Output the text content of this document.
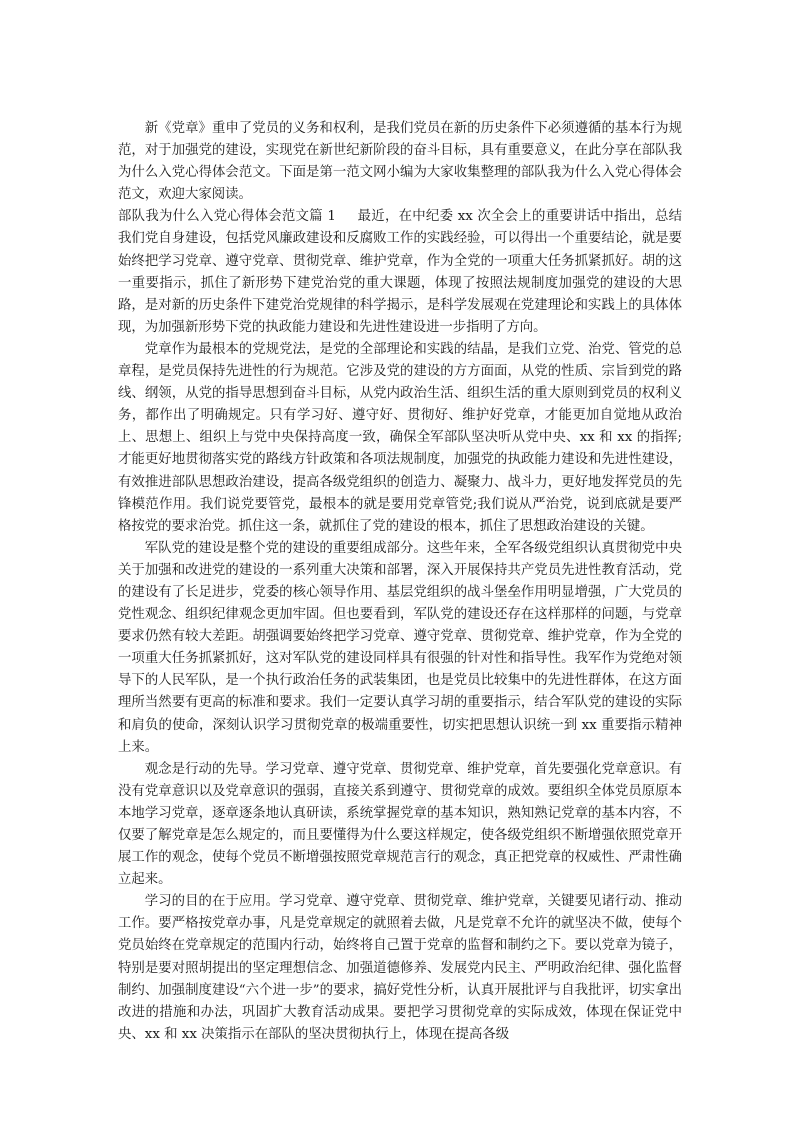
新《党章》重申了党员的义务和权利，是我们党员在新的历史条件下必须遵循的基本行为规范，对于加强党的建设，实现党在新世纪新阶段的奋斗目标，具有重要意义，在此分享在部队我为什么入党心得体会范文。下面是第一范文网小编为大家收集整理的部队我为什么入党心得体会范文，欢迎大家阅读。

部队我为什么入党心得体会范文篇 1 最近，在中纪委 xx 次全会上的重要讲话中指出，总结我们党自身建设，包括党风廉政建设和反腐败工作的实践经验，可以得出一个重要结论，就是要始终把学习党章、遵守党章、贯彻党章、维护党章，作为全党的一项重大任务抓紧抓好。胡的这一重要指示，抓住了新形势下建党治党的重大课题，体现了按照法规制度加强党的建设的大思路，是对新的历史条件下建党治党规律的科学揭示，是科学发展观在党建理论和实践上的具体体现，为加强新形势下党的执政能力建设和先进性建设进一步指明了方向。

党章作为最根本的党规党法，是党的全部理论和实践的结晶，是我们立党、治党、管党的总章程，是党员保持先进性的行为规范。它涉及党的建设的方方面面，从党的性质、宗旨到党的路线、纲领，从党的指导思想到奋斗目标，从党内政治生活、组织生活的重大原则到党员的权利义务，都作出了明确规定。只有学习好、遵守好、贯彻好、维护好党章，才能更加自觉地从政治上、思想上、组织上与党中央保持高度一致，确保全军部队坚决听从党中央、xx 和 xx 的指挥;才能更好地贯彻落实党的路线方针政策和各项法规制度，加强党的执政能力建设和先进性建设，有效推进部队思想政治建设，提高各级党组织的创造力、凝聚力、战斗力，更好地发挥党员的先锋模范作用。我们说党要管党，最根本的就是要用党章管党;我们说从严治党，说到底就是要严格按党的要求治党。抓住这一条，就抓住了党的建设的根本，抓住了思想政治建设的关键。

军队党的建设是整个党的建设的重要组成部分。这些年来，全军各级党组织认真贯彻党中央关于加强和改进党的建设的一系列重大决策和部署，深入开展保持共产党员先进性教育活动，党的建设有了长足进步，党委的核心领导作用、基层党组织的战斗堡垒作用明显增强，广大党员的党性观念、组织纪律观念更加牢固。但也要看到，军队党的建设还存在这样那样的问题，与党章要求仍然有较大差距。胡强调要始终把学习党章、遵守党章、贯彻党章、维护党章，作为全党的一项重大任务抓紧抓好，这对军队党的建设同样具有很强的针对性和指导性。我军作为党绝对领导下的人民军队，是一个执行政治任务的武装集团，也是党员比较集中的先进性群体，在这方面理所当然要有更高的标准和要求。我们一定要认真学习胡的重要指示，结合军队党的建设的实际和肩负的使命，深刻认识学习贯彻党章的极端重要性，切实把思想认识统一到 xx 重要指示精神上来。

观念是行动的先导。学习党章、遵守党章、贯彻党章、维护党章，首先要强化党章意识。有没有党章意识以及党章意识的强弱，直接关系到遵守、贯彻党章的成效。要组织全体党员原原本本地学习党章，逐章逐条地认真研读，系统掌握党章的基本知识，熟知熟记党章的基本内容，不仅要了解党章是怎么规定的，而且要懂得为什么要这样规定，使各级党组织不断增强依照党章开展工作的观念，使每个党员不断增强按照党章规范言行的观念，真正把党章的权威性、严肃性确立起来。

学习的目的在于应用。学习党章、遵守党章、贯彻党章、维护党章，关键要见诸行动、推动工作。要严格按党章办事，凡是党章规定的就照着去做，凡是党章不允许的就坚决不做，使每个党员始终在党章规定的范围内行动，始终将自己置于党章的监督和制约之下。要以党章为镜子，特别是要对照胡提出的坚定理想信念、加强道德修养、发展党内民主、严明政治纪律、强化监督制约、加强制度建设“六个进一步”的要求，搞好党性分析，认真开展批评与自我批评，切实拿出改进的措施和办法，巩固扩大教育活动成果。要把学习贯彻党章的实际成效，体现在保证党中央、xx 和 xx 决策指示在部队的坚决贯彻执行上，体现在提高各级
